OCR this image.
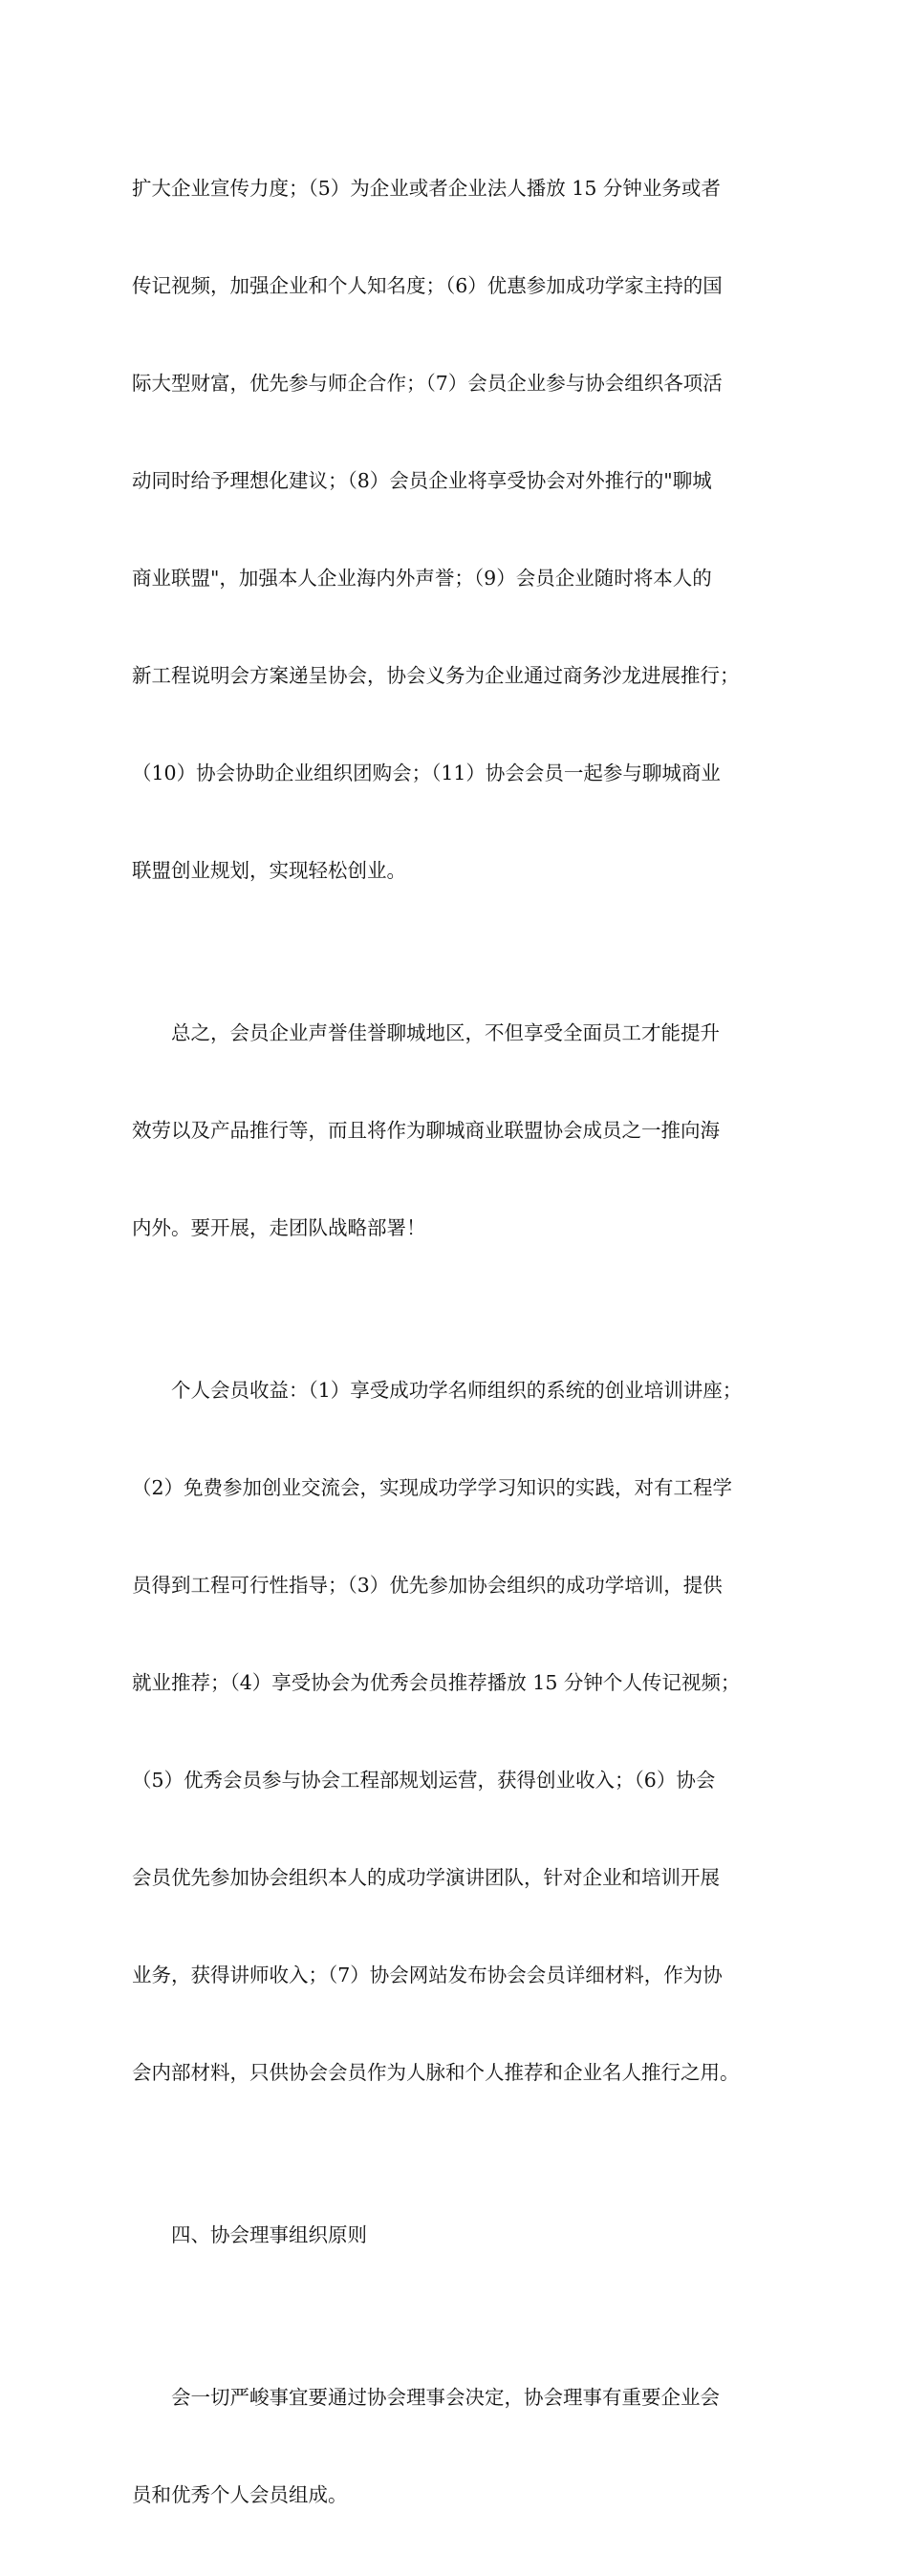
扩大企业宣传力度；（5）为企业或者企业法人播放 15 分钟业务或者

传记视频，加强企业和个人知名度；（6）优惠参加成功学家主持的国

际大型财富，优先参与师企合作；（7）会员企业参与协会组织各项活

动同时给予理想化建议；（8）会员企业将享受协会对外推行的"聊城

商业联盟"，加强本人企业海内外声誉；（9）会员企业随时将本人的

新工程说明会方案递呈协会，协会义务为企业通过商务沙龙进展推行；

（10）协会协助企业组织团购会；（11）协会会员一起参与聊城商业

联盟创业规划，实现轻松创业。

总之，会员企业声誉佳誉聊城地区，不但享受全面员工才能提升

效劳以及产品推行等，而且将作为聊城商业联盟协会成员之一推向海

内外。要开展，走团队战略部署！

个人会员收益：（1）享受成功学名师组织的系统的创业培训讲座；

（2）免费参加创业交流会，实现成功学学习知识的实践，对有工程学

员得到工程可行性指导；（3）优先参加协会组织的成功学培训，提供

就业推荐；（4）享受协会为优秀会员推荐播放 15 分钟个人传记视频；

（5）优秀会员参与协会工程部规划运营，获得创业收入；（6）协会

会员优先参加协会组织本人的成功学演讲团队，针对企业和培训开展

业务，获得讲师收入；（7）协会网站发布协会会员详细材料，作为协

会内部材料，只供协会会员作为人脉和个人推荐和企业名人推行之用。

四、协会理事组织原则

会一切严峻事宜要通过协会理事会决定，协会理事有重要企业会

员和优秀个人会员组成。
